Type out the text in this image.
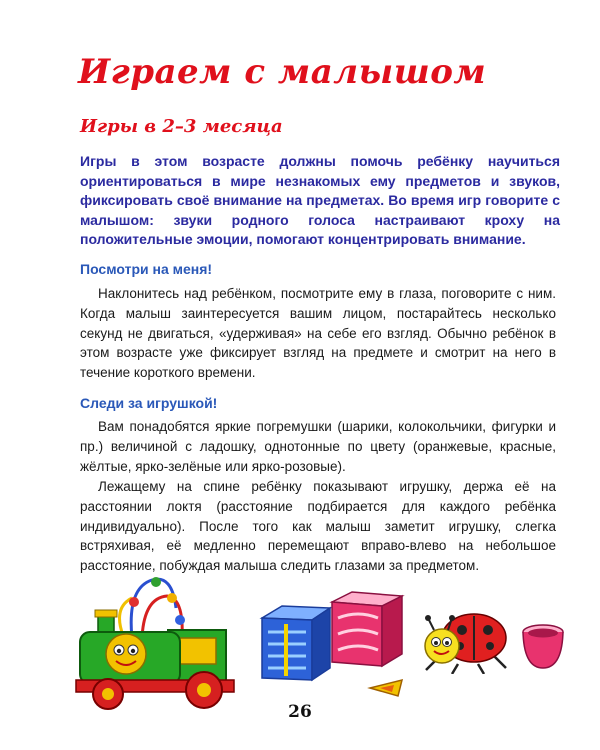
Играем с малышом
Игры в 2–3 месяца

Игры в этом возрасте должны помочь ребёнку научиться ориентироваться в мире незнакомых ему предметов и звуков, фиксировать своё внимание на предметах. Во время игр говорите с малышом: звуки родного голоса настраивают кроху на положительные эмоции, помогают концентрировать внимание.

Посмотри на меня!

Наклонитесь над ребёнком, посмотрите ему в глаза, поговорите с ним. Когда малыш заинтересуется вашим лицом, постарайтесь несколько секунд не двигаться, «удерживая» на себе его взгляд. Обычно ребёнок в этом возрасте уже фиксирует взгляд на предмете и смотрит на него в течение короткого времени.

Следи за игрушкой!

Вам понадобятся яркие погремушки (шарики, колокольчики, фигурки и пр.) величиной с ладошку, однотонные по цвету (оранжевые, красные, жёлтые, ярко-зелёные или ярко-розовые).

Лежащему на спине ребёнку показывают игрушку, держа её на расстоянии локтя (расстояние подбирается для каждого ребёнка индивидуально). После того как малыш заметит игрушку, слегка встряхивая, её медленно перемещают вправо-влево на небольшое расстояние, побуждая малыша следить глазами за предметом.

26
